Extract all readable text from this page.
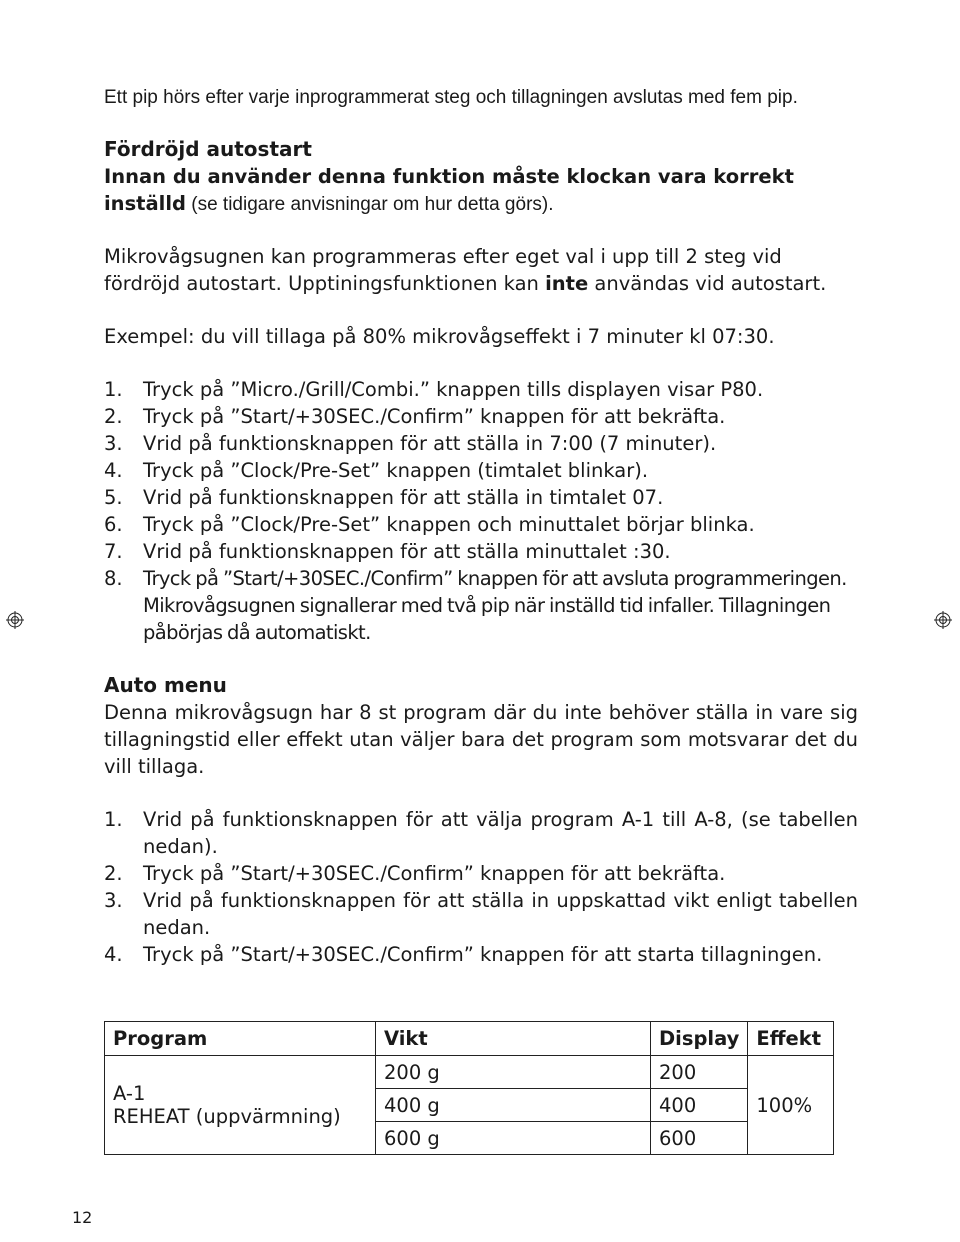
Ett pip hörs efter varje inprogrammerat steg och tillagningen avslutas med fem pip.

Fördröjd autostart

Innan du använder denna funktion måste klockan vara korrekt inställd (se tidigare anvisningar om hur detta görs).

Mikrovågsugnen kan programmeras efter eget val i upp till 2 steg vid fördröjd autostart. Upptiningsfunktionen kan inte användas vid autostart.

Exempel: du vill tillaga på 80% mikrovågseffekt i 7 minuter kl 07:30.

1.	Tryck på ”Micro./Grill/Combi.” knappen tills displayen visar P80.
2.	Tryck på ”Start/+30SEC./Confirm” knappen för att bekräfta.
3.	Vrid på funktionsknappen för att ställa in 7:00 (7 minuter).
4.	Tryck på ”Clock/Pre-Set” knappen (timtalet blinkar).
5.	Vrid på funktionsknappen för att ställa in timtalet 07.
6.	Tryck på ”Clock/Pre-Set” knappen och minuttalet börjar blinka.
7.	Vrid på funktionsknappen för att ställa minuttalet :30.
8.	Tryck på ”Start/+30SEC./Confirm” knappen för att avsluta programmeringen. Mikrovågsugnen signallerar med två pip när inställd tid infaller. Tillagningen påbörjas då automatiskt.

Auto menu

Denna mikrovågsugn har 8 st program där du inte behöver ställa in vare sig tillagningstid eller effekt utan väljer bara det program som motsvarar det du vill tillaga.

1.	Vrid på funktionsknappen för att välja program A-1 till A-8, (se tabellen nedan).
2.	Tryck på ”Start/+30SEC./Confirm” knappen för att bekräfta.
3.	Vrid på funktionsknappen för att ställa in uppskattad vikt enligt tabellen nedan.
4.	Tryck på ”Start/+30SEC./Confirm” knappen för att starta tillagningen.
Program	Vikt	Display	Effekt

A-1
REHEAT (uppvärmning)	200 g	200	100%
	400 g	400	
	600 g	600	
12
